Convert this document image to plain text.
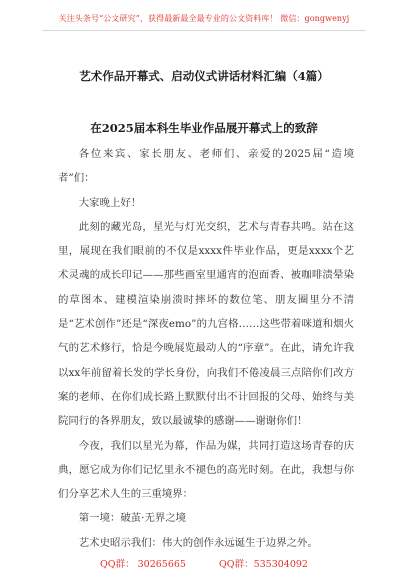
关注头条号“公文研究”，获得最新最全最专业的公文资料库！ 微信：gongwenyj
艺术作品开幕式、启动仪式讲话材料汇编（4篇）
在2025届本科生毕业作品展开幕式上的致辞

各位来宾、家长朋友、老师们、亲爱的2025届“造境者”们：

大家晚上好！

此刻的藏光岛，星光与灯光交织，艺术与青春共鸣。站在这里，展现在我们眼前的不仅是xxxx件毕业作品，更是xxxx个艺术灵魂的成长印记——那些画室里通宵的泡面香、被咖啡渍晕染的草图本、建模渲染崩溃时摔坏的数位笔、朋友圈里分不清是“艺术创作”还是“深夜emo”的九宫格……这些带着咪道和烟火气的艺术修行，恰是今晚展览最动人的“序章”。在此，请允许我以xx年前留着长发的学长身份，向我们不倦凌晨三点陪你们改方案的老师、在你们成长路上默默付出不计回报的父母、始终与美院同行的各界朋友，致以最诚挚的感谢——谢谢你们！

今夜，我们以星光为幕，作品为媒，共同打造这场青春的庆典，愿它成为你们记忆里永不褪色的高光时刻。在此，我想与你们分享艺术人生的三重境界：

第一境：破茧·无界之境

艺术史昭示我们：伟大的创作永远诞生于边界之外。

QQ群： 30265665	QQ群：535304092
